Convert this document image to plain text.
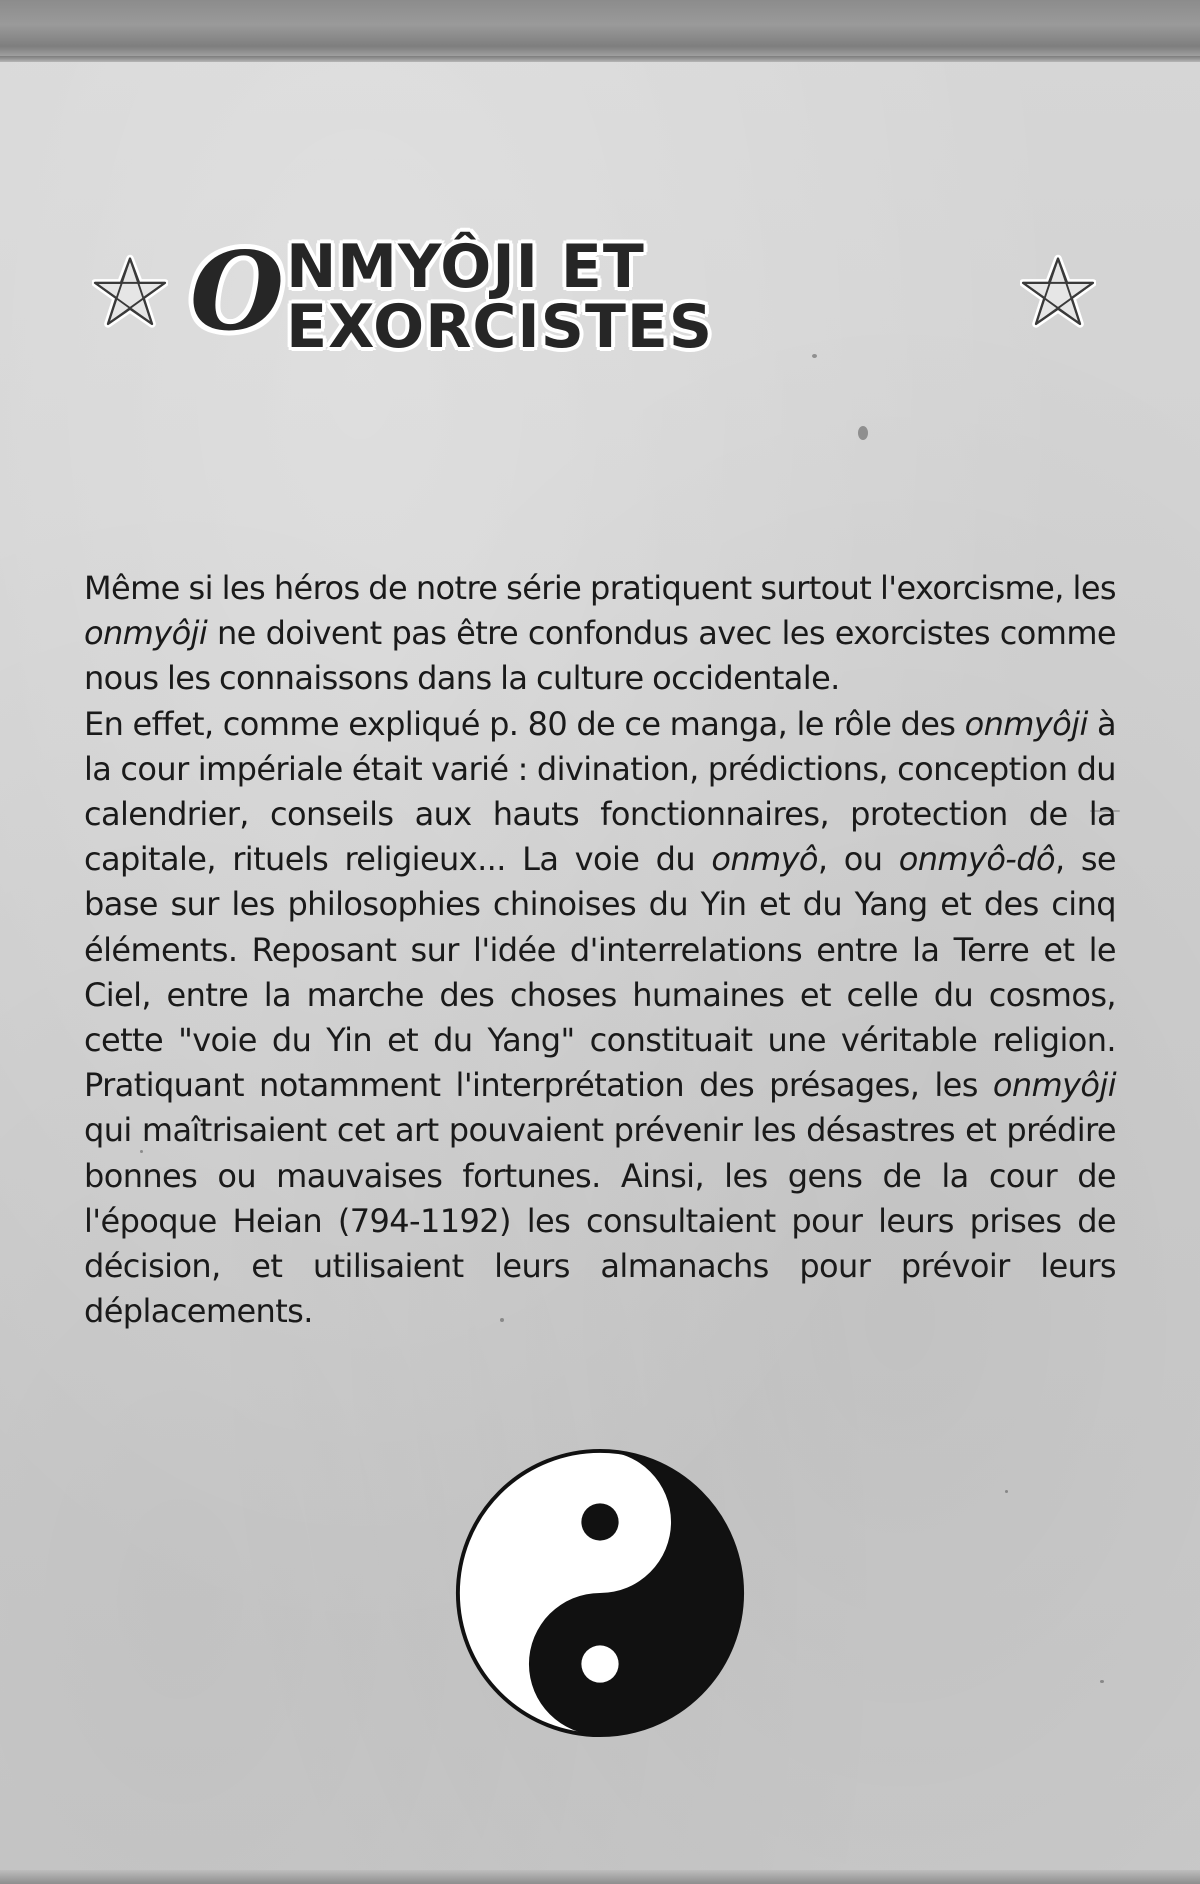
O NMYÔJI ET EXORCISTES

Même si les héros de notre série pratiquent surtout l'exorcisme, les onmyôji ne doivent pas être confondus avec les exorcistes comme nous les connaissons dans la culture occidentale.

En effet, comme expliqué p. 80 de ce manga, le rôle des onmyôji à la cour impériale était varié : divination, prédictions, conception du calendrier, conseils aux hauts fonctionnaires, protection de la capitale, rituels religieux... La voie du onmyô, ou onmyô-dô, se base sur les philosophies chinoises du Yin et du Yang et des cinq éléments. Reposant sur l'idée d'interrelations entre la Terre et le Ciel, entre la marche des choses humaines et celle du cosmos, cette "voie du Yin et du Yang" constituait une véritable religion. Pratiquant notamment l'interprétation des présages, les onmyôji qui maîtrisaient cet art pouvaient prévenir les désastres et prédire bonnes ou mauvaises fortunes. Ainsi, les gens de la cour de l'époque Heian (794-1192) les consultaient pour leurs prises de décision, et utilisaient leurs almanachs pour prévoir leurs déplacements.
